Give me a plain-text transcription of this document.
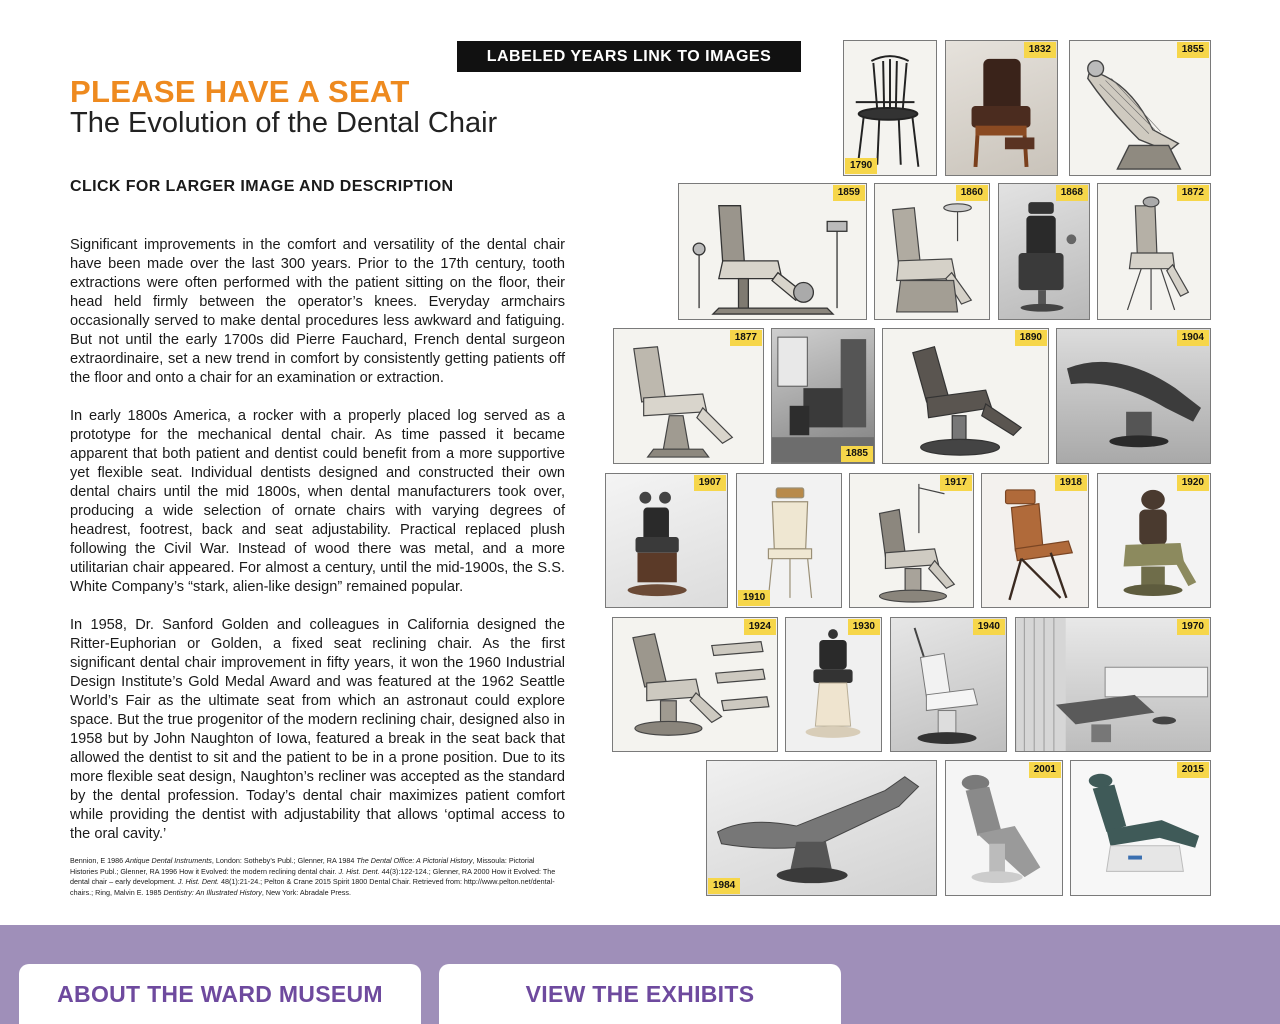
LABELED YEARS LINK TO IMAGES
PLEASE HAVE A SEAT
The Evolution of the Dental Chair
CLICK FOR LARGER IMAGE AND DESCRIPTION

Significant improvements in the comfort and versatility of the dental chair have been made over the last 300 years. Prior to the 17th century, tooth extractions were often performed with the patient sitting on the floor, their head held firmly between the operator’s knees. Everyday armchairs occasionally served to make dental procedures less awkward and fatiguing. But not until the early 1700s did Pierre Fauchard, French dental surgeon extraordinaire, set a new trend in comfort by consistently getting patients off the floor and onto a chair for an examination or extraction.

In early 1800s America, a rocker with a properly placed log served as a prototype for the mechanical dental chair. As time passed it became apparent that both patient and dentist could benefit from a more supportive yet flexible seat. Individual dentists designed and constructed their own dental chairs until the mid 1800s, when dental manufacturers took over, producing a wide selection of ornate chairs with varying degrees of headrest, footrest, back and seat adjustability. Practical replaced plush following the Civil War. Instead of wood there was metal, and a more utilitarian chair appeared. For almost a century, until the mid-1900s, the S.S. White Company’s “stark, alien-like design” remained popular.

In 1958, Dr. Sanford Golden and colleagues in California designed the Ritter-Euphorian or Golden, a fixed seat reclining chair. As the first significant dental chair improvement in fifty years, it won the 1960 Industrial Design Institute’s Gold Medal Award and was featured at the 1962 Seattle World’s Fair as the ultimate seat from which an astronaut could explore space. But the true progenitor of the modern reclining chair, designed also in 1958 but by John Naughton of Iowa, featured a break in the seat back that allowed the dentist to sit and the patient to be in a prone position. Due to its more flexible seat design, Naughton’s recliner was accepted as the standard by the dental profession. Today’s dental chair maximizes patient comfort while providing the dentist with adjustability that allows ‘optimal access to the oral cavity.’

Bennion, E 1986 Antique Dental Instruments, London: Sotheby’s Publ.; Glenner, RA 1984 The Dental Office: A Pictorial History, Missoula: Pictorial Histories Publ.; Glenner, RA 1996 How it Evolved: the modern reclining dental chair. J. Hist. Dent. 44(3):122-124.; Glenner, RA 2000 How it Evolved: The dental chair – early development. J. Hist. Dent. 48(1):21-24.; Pelton & Crane 2015 Spirit 1800 Dental Chair. Retrieved from: http://www.pelton.net/dental-chairs.; Ring, Malvin E. 1985 Dentistry: An Illustrated History, New York: Abradale Press.
1790
1832	1855
1859	1860	1868	1872
1877
1885
1890	1904
1907
1910
1917	1918	1920
1924	1930	1940	1970
1984
2001	2015
ABOUT THE WARD MUSEUM	VIEW THE EXHIBITS
